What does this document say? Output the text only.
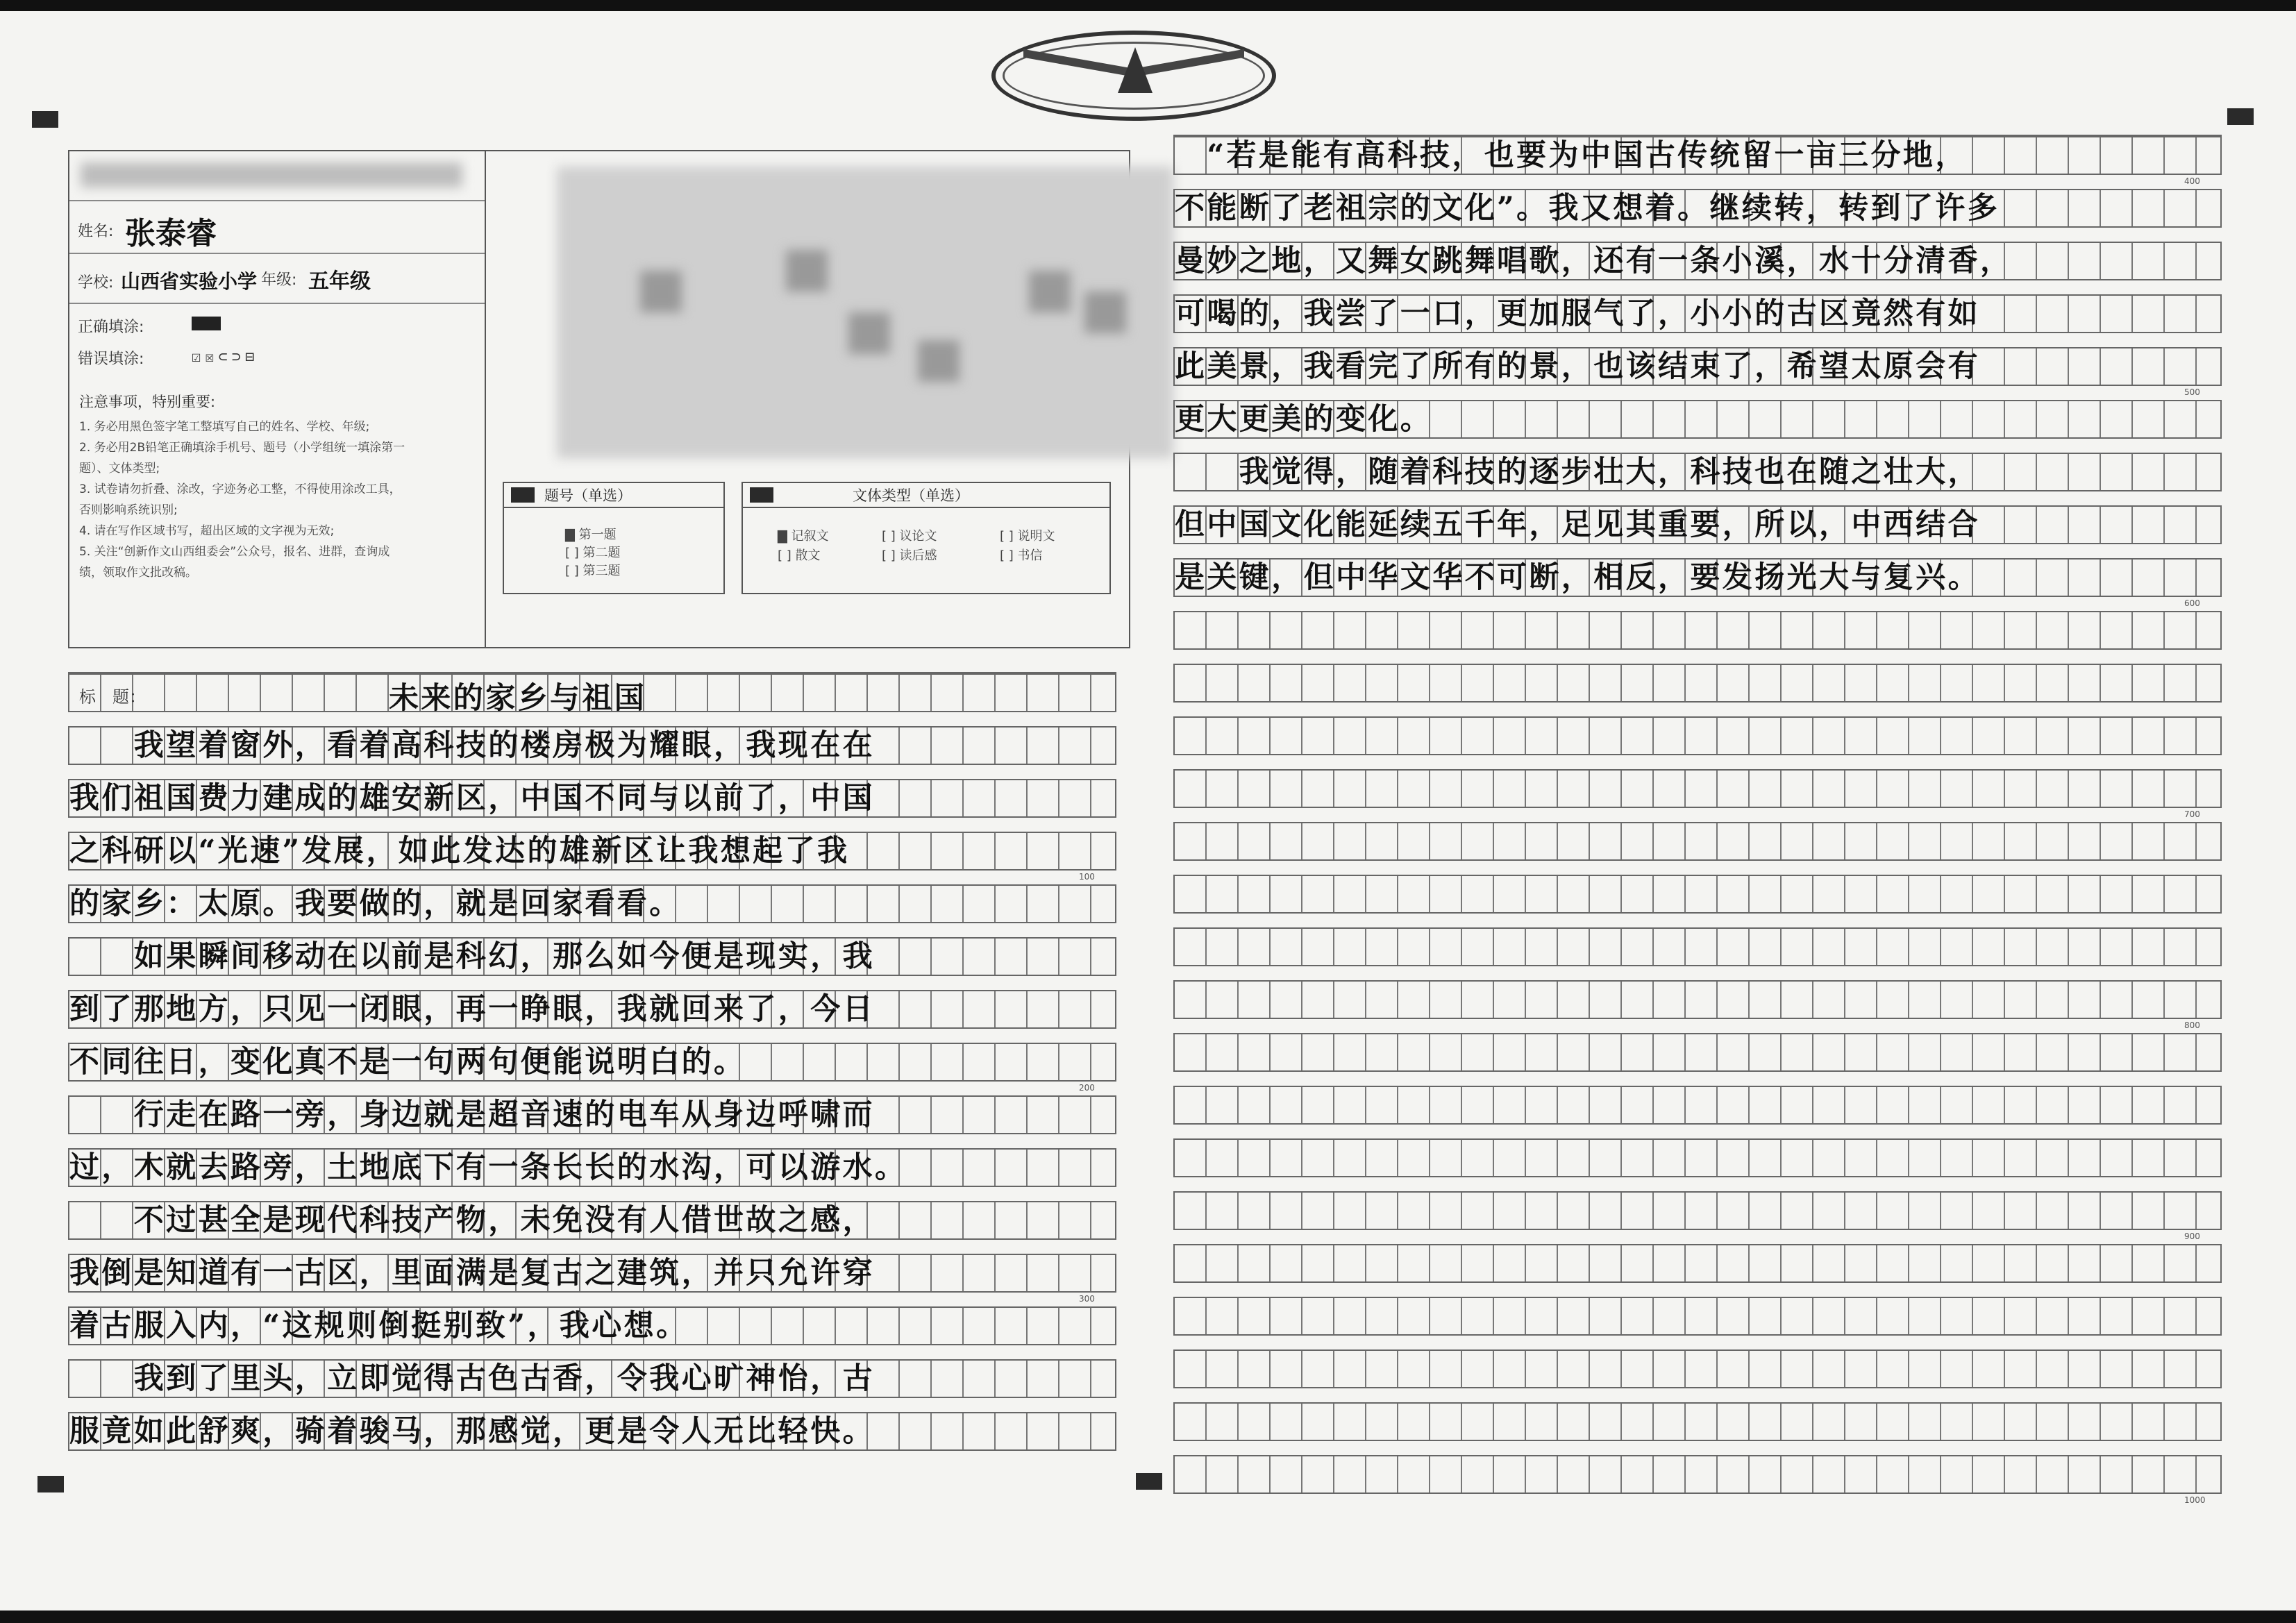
姓名: 张泰睿
学校: 山西省实验小学 年级: 五年级
正确填涂:
错误填涂:	☑☒⊂⊃⊟
注意事项，特别重要:
1. 务必用黑色签字笔工整填写自己的姓名、学校、年级;
2. 务必用2B铅笔正确填涂手机号、题号（小学组统一填涂第一
题）、文体类型;
3. 试卷请勿折叠、涂改，字迹务必工整，不得使用涂改工具，
否则影响系统识别;
4. 请在写作区域书写，超出区域的文字视为无效;
5. 关注“创新作文山西组委会”公众号，报名、进群，查询成
绩，领取作文批改稿。
题号（单选）
▇ 第一题
[ ] 第二题
[ ] 第三题
文体类型（单选）
▇ 记叙文	[ ] 议论文	[ ] 说明文
[ ] 散文	[ ] 读后感	[ ] 书信
标　题：	未来的家乡与祖国
　　我望着窗外，看着高科技的楼房极为耀眼，我现在在
我们祖国费力建成的雄安新区，中国不同与以前了，中国
之科研以“光速”发展，如此发达的雄新区让我想起了我
的家乡：太原。我要做的，就是回家看看。
　　如果瞬间移动在以前是科幻，那么如今便是现实，我
到了那地方，只见一闭眼，再一睁眼，我就回来了，今日
不同往日，变化真不是一句两句便能说明白的。
　　行走在路一旁，身边就是超音速的电车从身边呼啸而
过，木就去路旁，土地底下有一条长长的水沟，可以游水。
　　不过甚全是现代科技产物，未免没有人借世故之感，
我倒是知道有一古区，里面满是复古之建筑，并只允许穿
着古服入内，“这规则倒挺别致”，我心想。
　　我到了里头，立即觉得古色古香，令我心旷神怡，古
服竟如此舒爽，骑着骏马，那感觉，更是令人无比轻快。
100
200
300
　“若是能有高科技，也要为中国古传统留一亩三分地，
不能断了老祖宗的文化”。我又想着。继续转，转到了许多
曼妙之地，又舞女跳舞唱歌，还有一条小溪，水十分清香，
可喝的，我尝了一口，更加服气了，小小的古区竟然有如
此美景，我看完了所有的景，也该结束了，希望太原会有
更大更美的变化。
　　我觉得，随着科技的逐步壮大，科技也在随之壮大，
但中国文化能延续五千年，足见其重要，所以，中西结合
是关键，但中华文华不可断，相反，要发扬光大与复兴。
400
500
600
700
800
900
1000
